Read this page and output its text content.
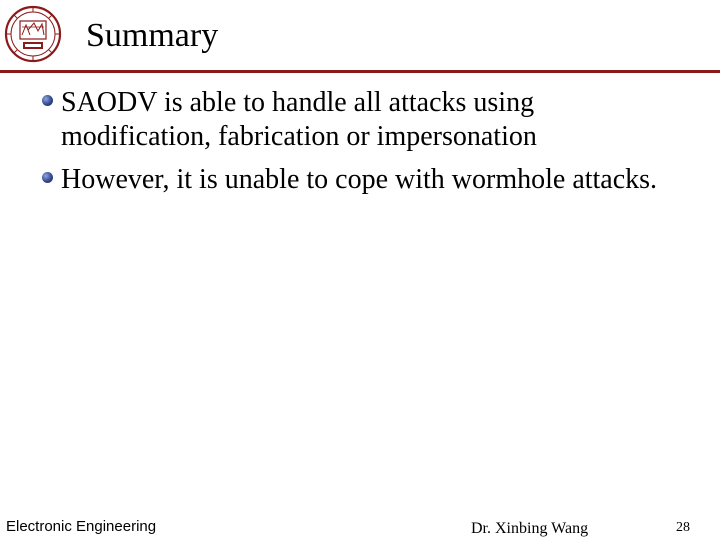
Summary
SAODV is able to handle all attacks using modification, fabrication or impersonation
However, it is unable to cope with wormhole attacks.
Electronic Engineering	Dr. Xinbing Wang	28
